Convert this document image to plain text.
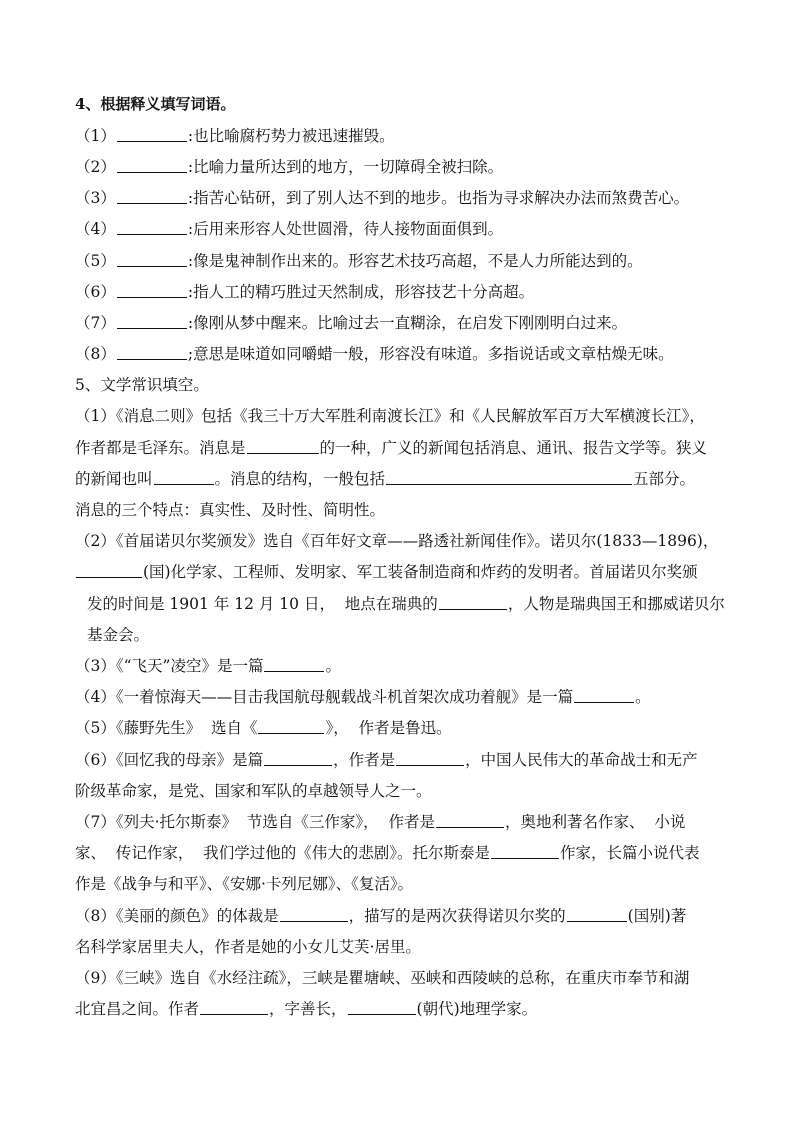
4、根据释义填写词语。
（1）	:也比喻腐朽势力被迅速摧毁。
（2）	:比喻力量所达到的地方，一切障碍全被扫除。
（3）	:指苦心钻研，到了别人达不到的地步。也指为寻求解决办法而煞费苦心。
（4）	:后用来形容人处世圆滑，待人接物面面俱到。
（5）	:像是鬼神制作出来的。形容艺术技巧高超，不是人力所能达到的。
（6）	:指人工的精巧胜过天然制成，形容技艺十分高超。
（7）	:像刚从梦中醒来。比喻过去一直糊涂，在启发下刚刚明白过来。
（8）	;意思是味道如同嚼蜡一般，形容没有味道。多指说话或文章枯燥无味。
5、文学常识填空。
（1）《消息二则》包括《我三十万大军胜利南渡长江》和《人民解放军百万大军横渡长江》，
作者都是毛泽东。消息是	的一种，广义的新闻包括消息、通讯、报告文学等。狭义
的新闻也叫	。消息的结构，一般包括	五部分。
消息的三个特点：真实性、及时性、简明性。
（2）《首届诺贝尔奖颁发》选自《百年好文章——路透社新闻佳作》。诺贝尔(1833—1896)，
(国)化学家、工程师、发明家、军工装备制造商和炸药的发明者。首届诺贝尔奖颁
发的时间是 1901 年 12 月 10 日，  地点在瑞典的	，人物是瑞典国王和挪威诺贝尔
基金会。
（3）《“飞天”凌空》是一篇	。
（4）《一着惊海天——目击我国航母舰载战斗机首架次成功着舰》是一篇	。
（5）《藤野先生》  选自《	》，  作者是鲁迅。
（6）《回忆我的母亲》是篇	，作者是	，中国人民伟大的革命战士和无产
阶级革命家，是党、国家和军队的卓越领导人之一。
（7）《列夫·托尔斯泰》  节选自《三作家》，  作者是	，奥地利著名作家、  小说
家、  传记作家，  我们学过他的《伟大的悲剧》。托尔斯泰是	作家，长篇小说代表
作是《战争与和平》、《安娜·卡列尼娜》、《复活》。
（8）《美丽的颜色》的体裁是	，描写的是两次获得诺贝尔奖的	(国别)著
名科学家居里夫人，作者是她的小女儿艾芙·居里。
（9）《三峡》选自《水经注疏》，三峡是瞿塘峡、巫峡和西陵峡的总称，在重庆市奉节和湖
北宜昌之间。作者	，字善长，	(朝代)地理学家。
